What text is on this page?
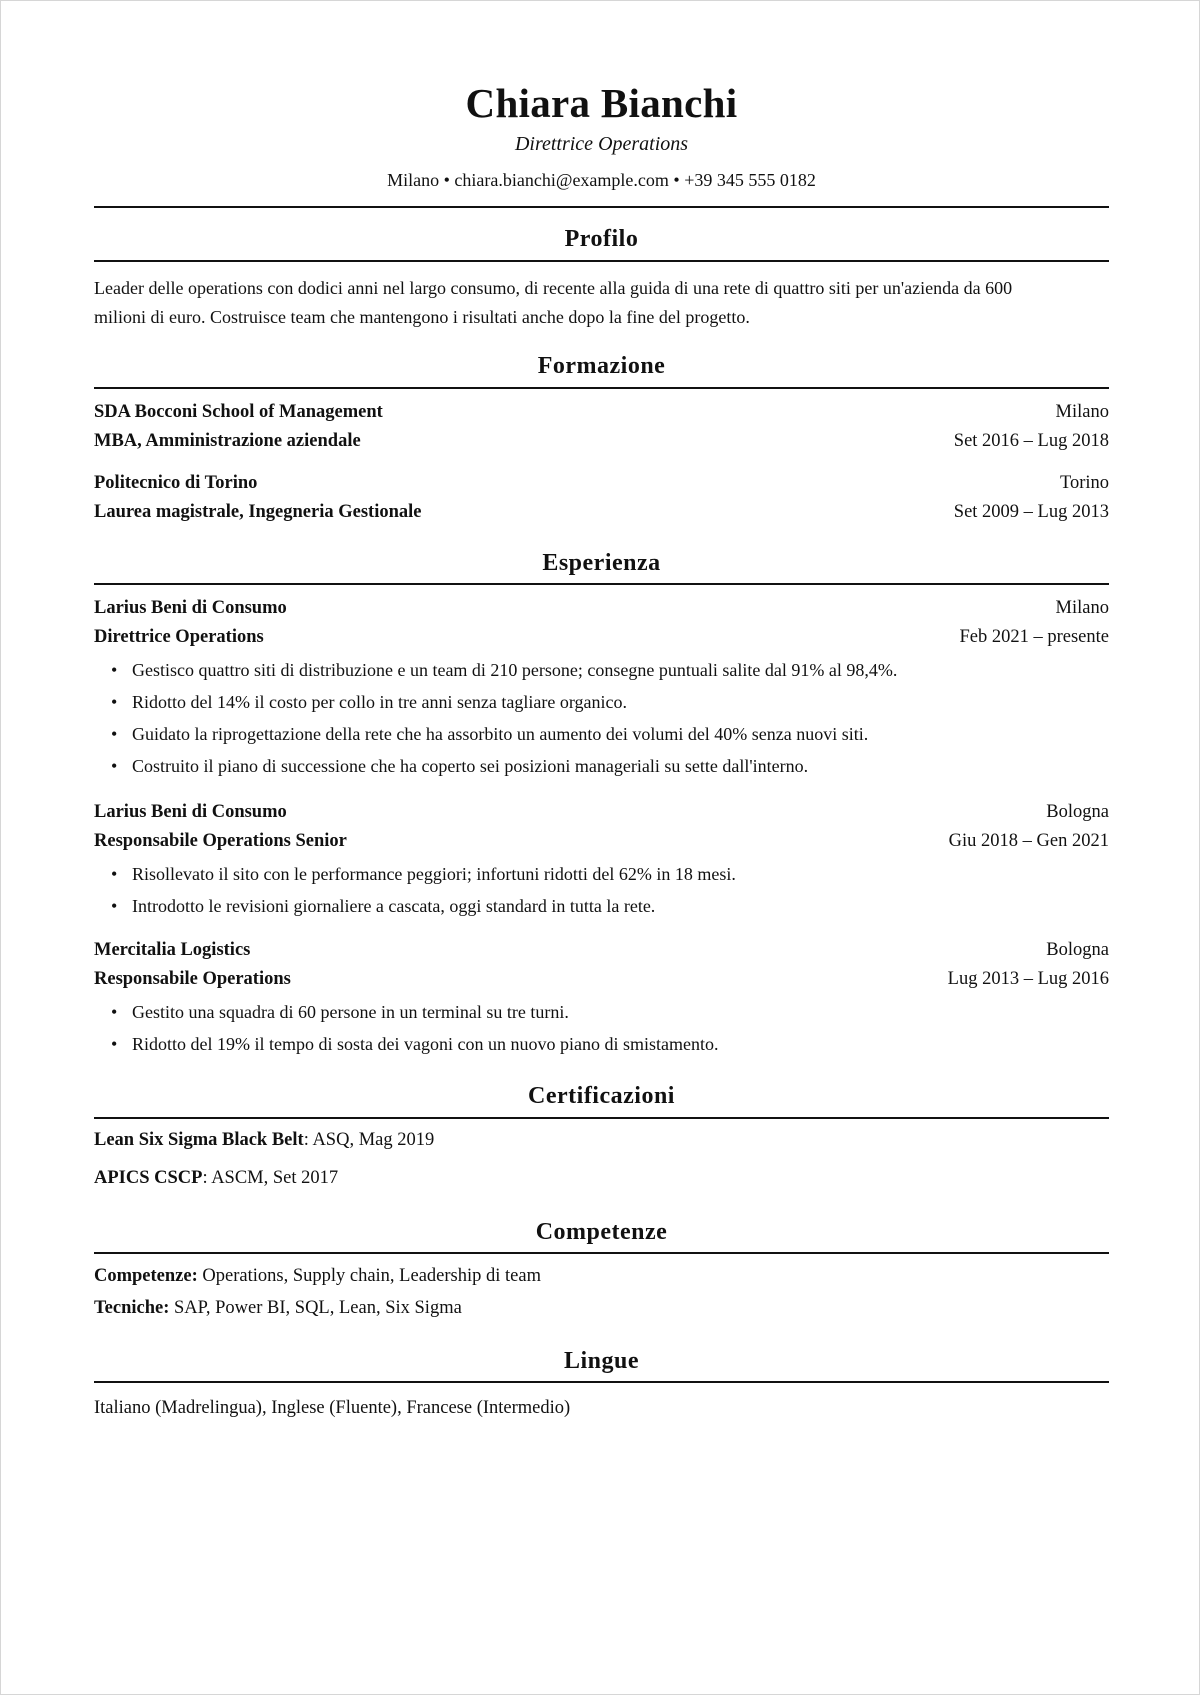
Chiara Bianchi
Direttrice Operations
Milano • chiara.bianchi@example.com • +39 345 555 0182
Profilo
Leader delle operations con dodici anni nel largo consumo, di recente alla guida di una rete di quattro siti per un'azienda da 600
milioni di euro. Costruisce team che mantengono i risultati anche dopo la fine del progetto.
Formazione
SDA Bocconi School of Management	Milano
MBA, Amministrazione aziendale	Set 2016 – Lug 2018
Politecnico di Torino	Torino
Laurea magistrale, Ingegneria Gestionale	Set 2009 – Lug 2013
Esperienza
Larius Beni di Consumo	Milano
Direttrice Operations	Feb 2021 – presente
• Gestisco quattro siti di distribuzione e un team di 210 persone; consegne puntuali salite dal 91% al 98,4%.
• Ridotto del 14% il costo per collo in tre anni senza tagliare organico.
• Guidato la riprogettazione della rete che ha assorbito un aumento dei volumi del 40% senza nuovi siti.
• Costruito il piano di successione che ha coperto sei posizioni manageriali su sette dall'interno.
Larius Beni di Consumo	Bologna
Responsabile Operations Senior	Giu 2018 – Gen 2021
• Risollevato il sito con le performance peggiori; infortuni ridotti del 62% in 18 mesi.
• Introdotto le revisioni giornaliere a cascata, oggi standard in tutta la rete.
Mercitalia Logistics	Bologna
Responsabile Operations	Lug 2013 – Lug 2016
• Gestito una squadra di 60 persone in un terminal su tre turni.
• Ridotto del 19% il tempo di sosta dei vagoni con un nuovo piano di smistamento.
Certificazioni
Lean Six Sigma Black Belt: ASQ, Mag 2019
APICS CSCP: ASCM, Set 2017
Competenze
Competenze: Operations, Supply chain, Leadership di team
Tecniche: SAP, Power BI, SQL, Lean, Six Sigma
Lingue
Italiano (Madrelingua), Inglese (Fluente), Francese (Intermedio)
